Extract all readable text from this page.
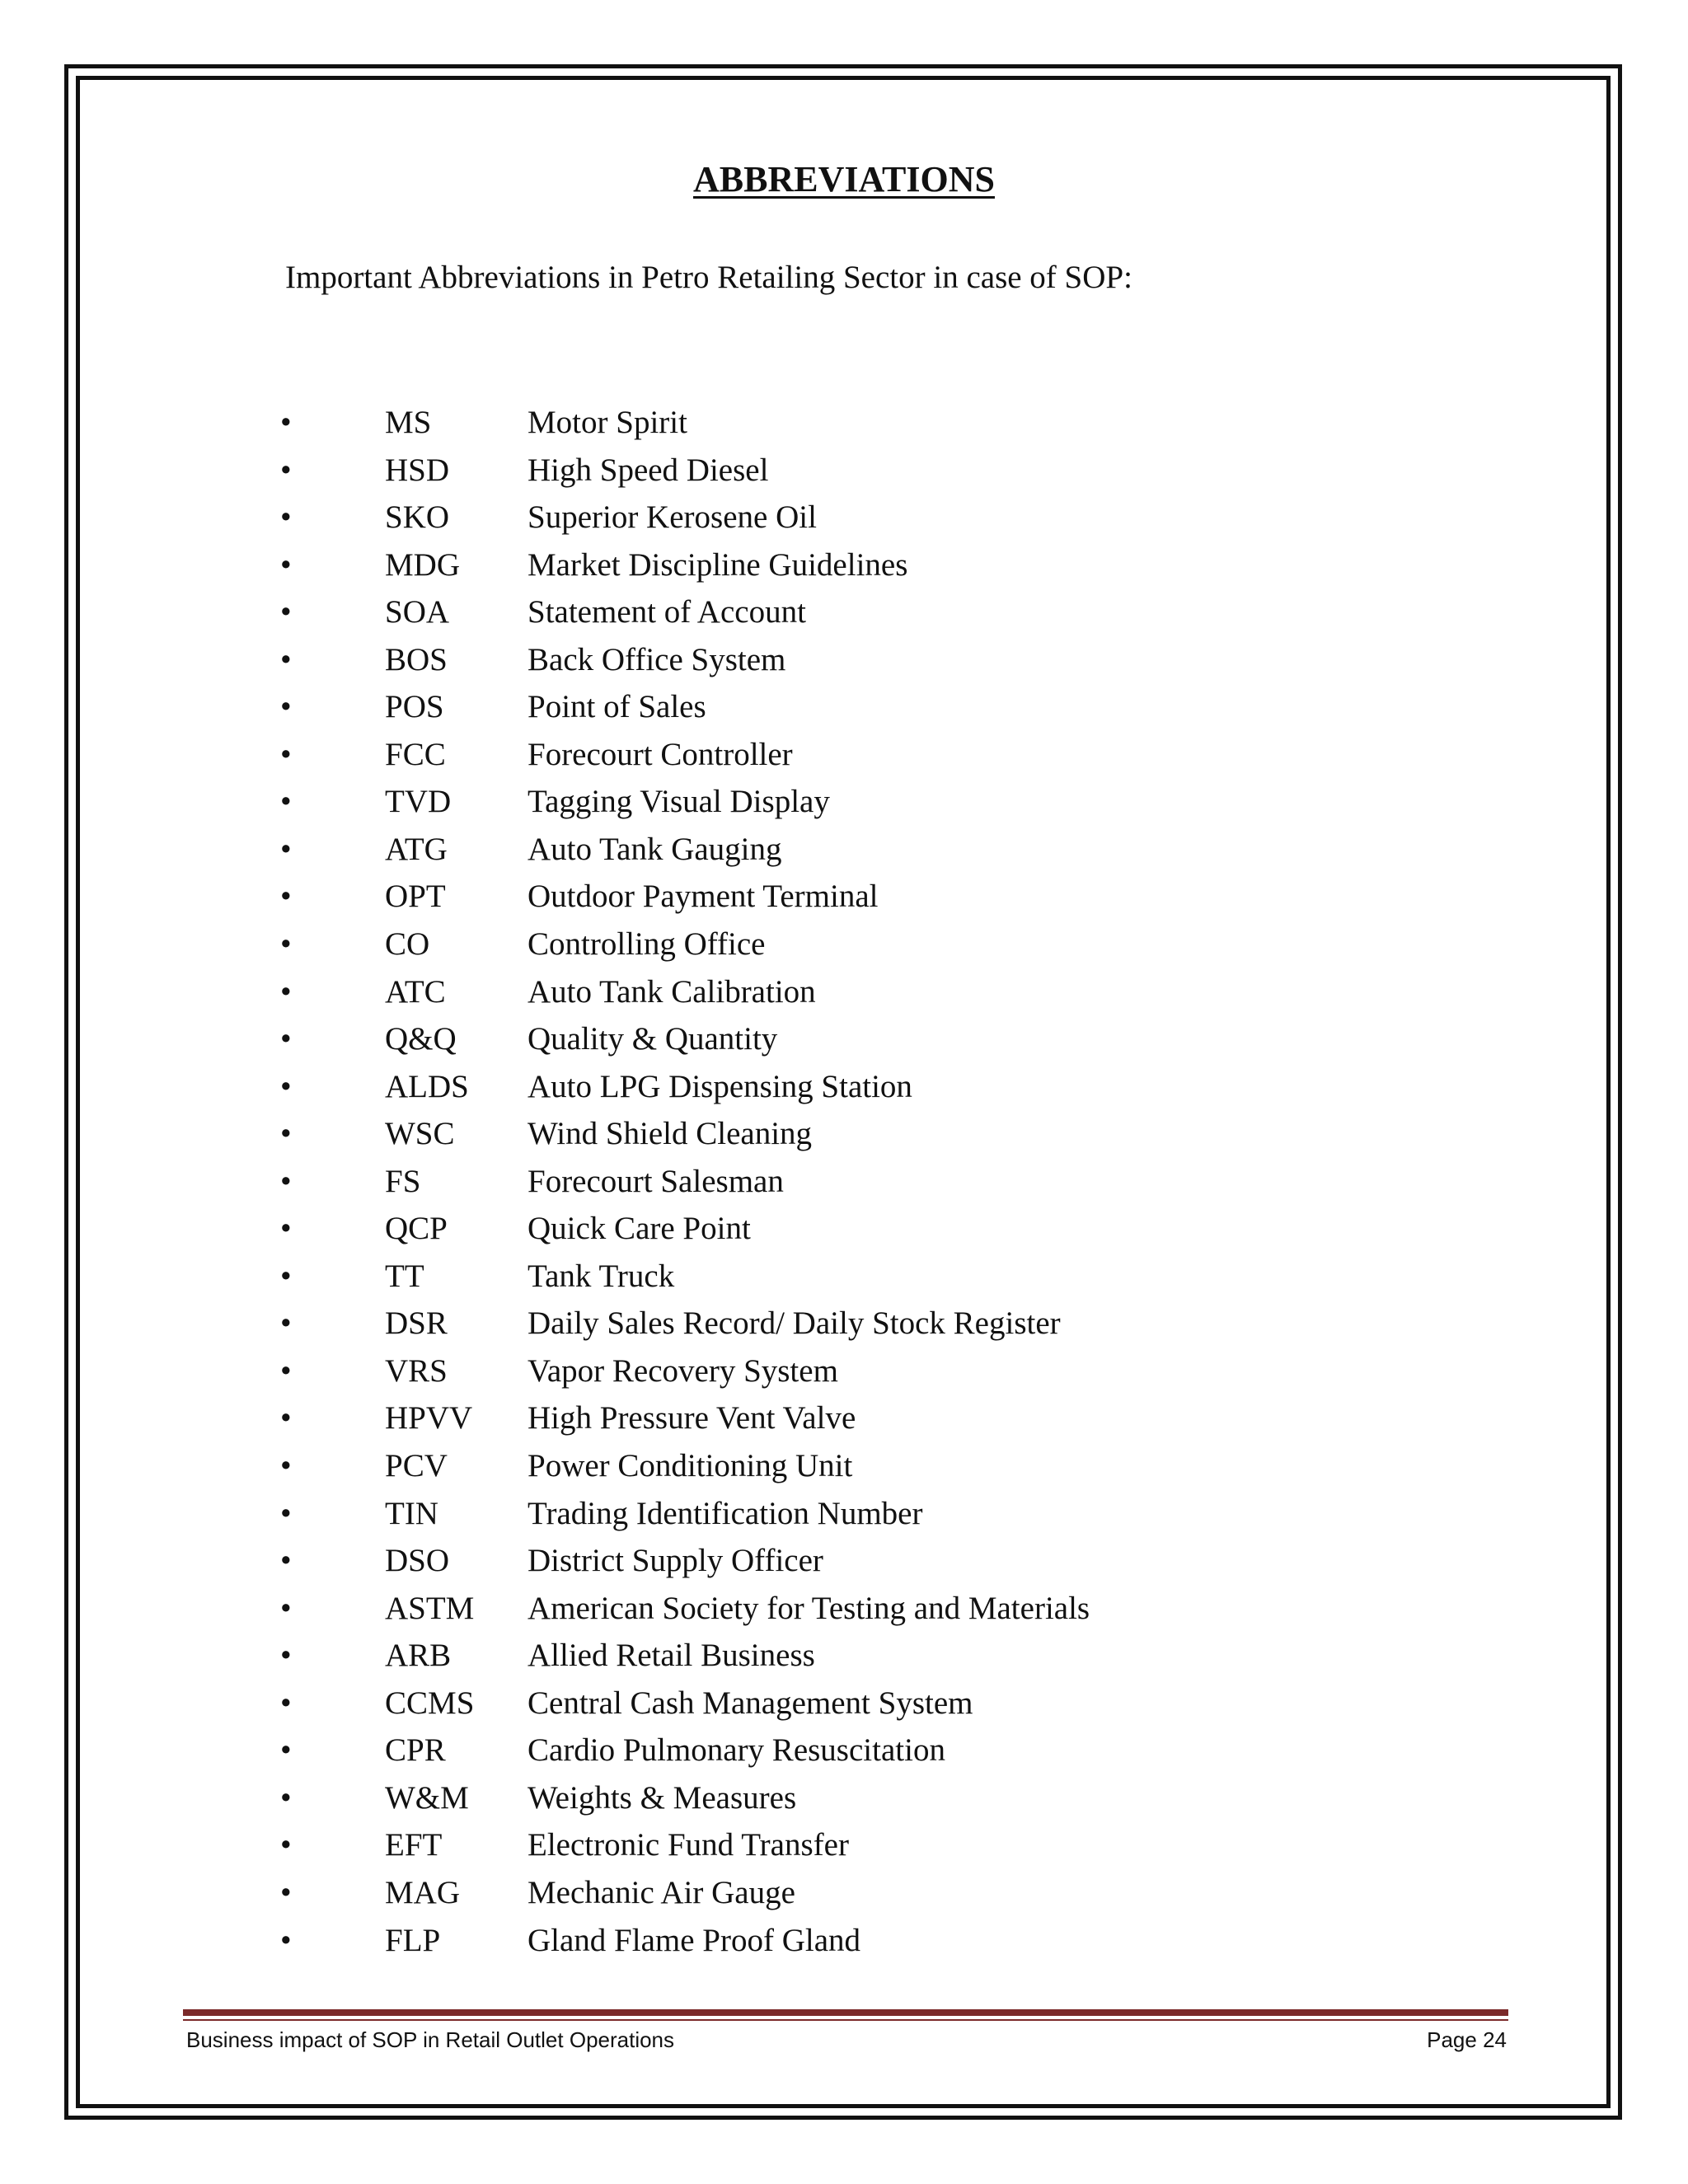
ABBREVIATIONS

Important Abbreviations in Petro Retailing Sector in case of SOP:

•	MS	Motor Spirit
•	HSD High Speed Diesel
•	SKO Superior Kerosene Oil
•	MDG Market Discipline Guidelines
•	SOA Statement of Account
•	BOS Back Office System
•	POS	Point of Sales
•	FCC	Forecourt Controller
•	TVD Tagging Visual Display
•	ATG Auto Tank Gauging
•	OPT	Outdoor Payment Terminal
•	CO	Controlling Office
•	ATC	Auto Tank Calibration
•	Q&Q Quality & Quantity
•	ALDS Auto LPG Dispensing Station
•	WSC Wind Shield Cleaning
•	FS	Forecourt Salesman
•	QCP Quick Care Point
•	TT	Tank Truck
•	DSR Daily Sales Record/ Daily Stock Register
•	VRS Vapor Recovery System
•	HPVV High Pressure Vent Valve
•	PCV Power Conditioning Unit
•	TIN	Trading Identification Number
•	DSO District Supply Officer
•	ASTM American Society for Testing and Materials
•	ARB Allied Retail Business
•	CCMS Central Cash Management System
•	CPR	Cardio Pulmonary Resuscitation
•	W&M Weights & Measures
•	EFT	Electronic Fund Transfer
•	MAG Mechanic Air Gauge
•	FLP	Gland Flame Proof Gland

Business impact of SOP in Retail Outlet Operations	Page 24
